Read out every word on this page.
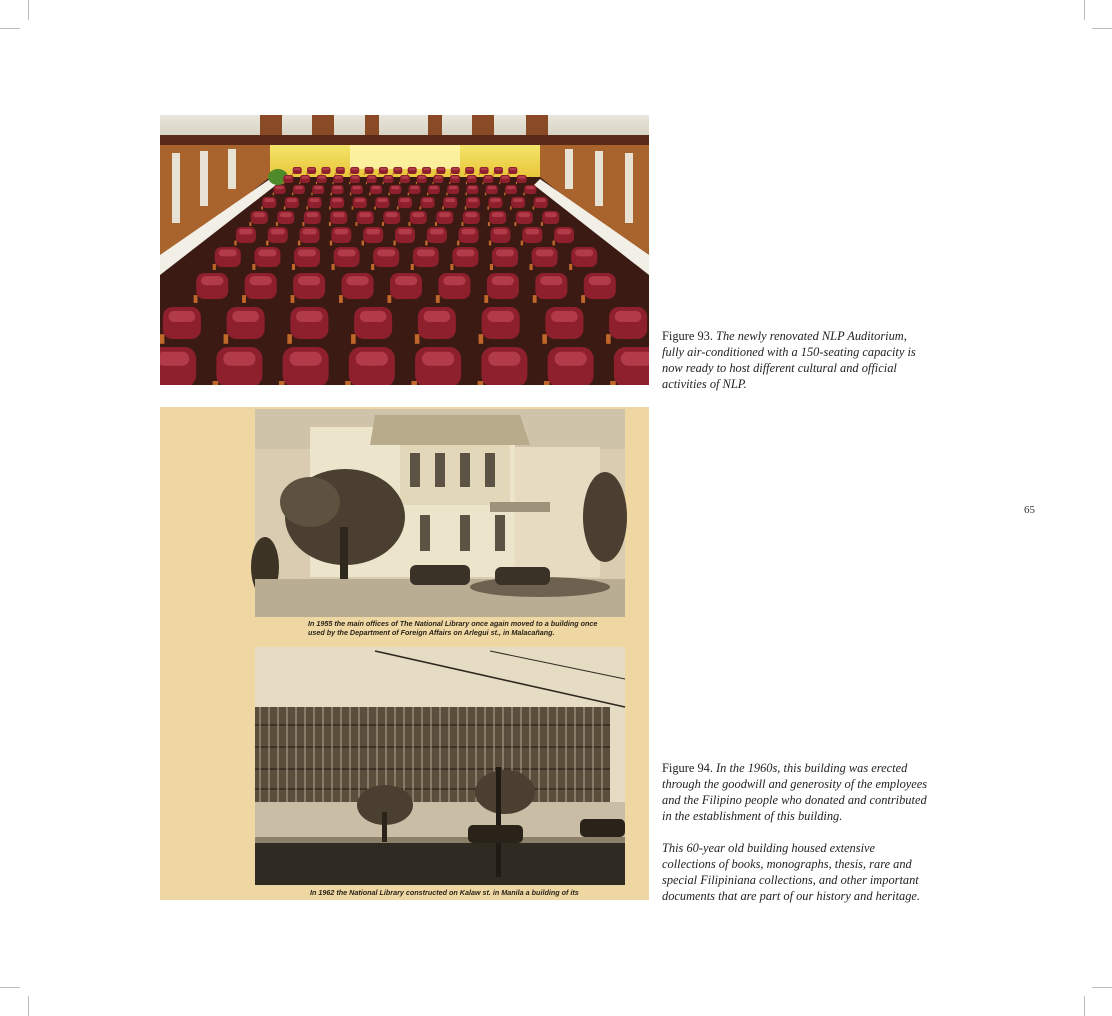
In 1955 the main offices of The National Library once again moved to a building once
used by the Department of Foreign Affairs on Arlegui st., in Malacañang.
In 1962 the National Library constructed on Kalaw st. in Manila a building of its
Figure 93. The newly renovated NLP Auditorium, fully air-conditioned with a 150-seating capacity is now ready to host different cultural and official activities of NLP.
Figure 94. In the 1960s, this building was erected through the goodwill and generosity of the employees and the Filipino people who donated and contributed in the establishment of this building.
This 60-year old building housed extensive collections of books, monographs, thesis, rare and special Filipiniana collections, and other important documents that are part of our history and heritage.
65
